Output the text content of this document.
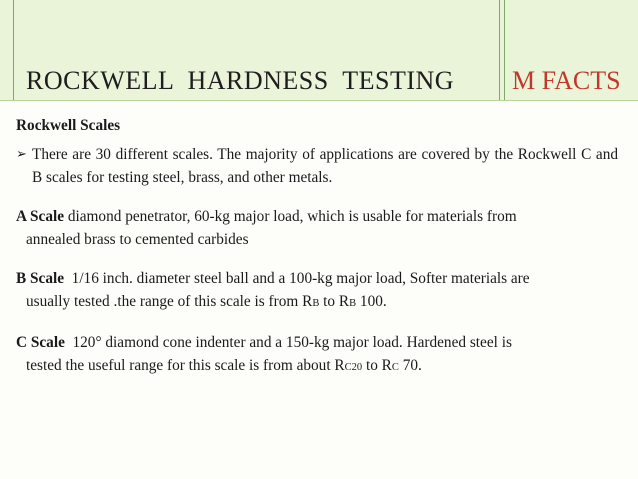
ROCKWELL  HARDNESS  TESTING M FACTS

Rockwell Scales

➢ There are 30 different scales. The majority of applications are covered by the Rockwell C and B scales for testing steel, brass, and other metals.

A Scale diamond penetrator, 60-kg major load, which is usable for materials from
annealed brass to cemented carbides

B Scale  1/16 inch. diameter steel ball and a 100-kg major load, Softer materials are
usually tested .the range of this scale is from RB to RB 100.

C Scale  120° diamond cone indenter and a 150-kg major load. Hardened steel is
tested the useful range for this scale is from about RC20 to RC 70.
